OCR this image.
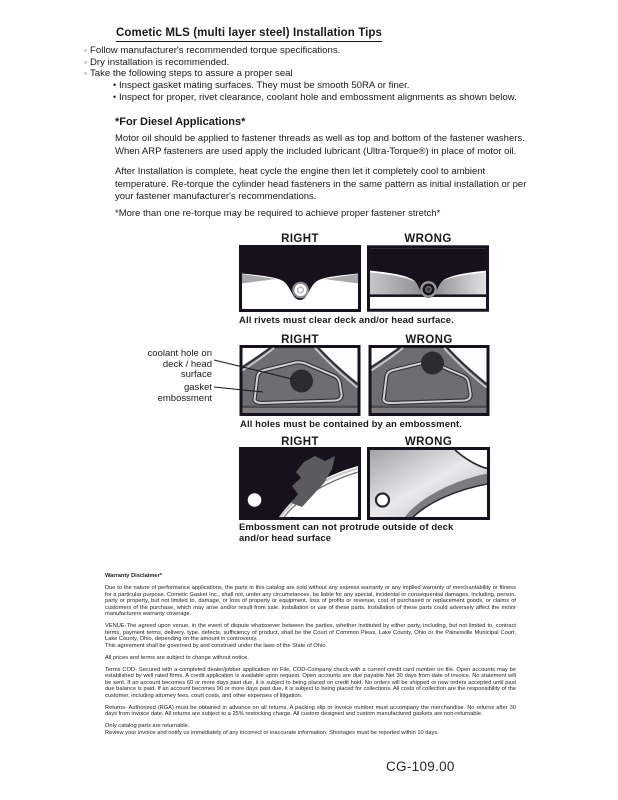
Cometic MLS (multi layer steel) Installation Tips
◦ Follow manufacturer's recommended torque specifications.
◦ Dry installation is recommended.
◦ Take the following steps to assure a proper seal
• Inspect gasket mating surfaces. They must be smooth 50RA or finer.
• Inspect for proper, rivet clearance, coolant hole and embossment alignments as shown below.
*For Diesel Applications*
Motor oil should be applied to fastener threads as well as top and bottom of the fastener washers. When ARP fasteners are used apply the included lubricant (Ultra-Torque®) in place of motor oil.
After Installation is complete, heat cycle the engine then let it completely cool to ambient temperature. Re-torque the cylinder head fasteners in the same pattern as initial installation or per your fastener manufacturer's recommendations.
*More than one re-torque may be required to achieve proper fastener stretch*
RIGHT	WRONG
All rivets must clear deck and/or head surface.
RIGHT	WRONG
coolant hole on deck / head surface
gasket embossment
All holes must be contained by an embossment.
RIGHT	WRONG
Embossment can not protrude outside of deck and/or head surface
Warranty Disclaimer*
Due to the nature of performance applications, the parts in this catalog are sold without any express warranty or any implied warranty of merchantability or fitness for a particular purpose. Cometic Gasket Inc., shall not, under any circumstances, be liable for any special, incidental or consequential damages, including, person, party or property, but not limited to, damage, or loss of property or equipment, loss of profits or revenue, cost of purchased or replacement goods, or claims of customers of the purchase, which may arise and/or result from sale, installation or use of these parts. Installation of these parts could adversely affect the motor manufacturers warranty coverage.
VENUE-The agreed upon venue, in the event of dispute whatsoever between the parties, whether instituted by either party, including, but not limited to, contract terms, payment terms, delivery, type, defects, sufficiency of product, shall be the Court of Common Pleas, Lake County, Ohio or the Painesville Municipal Court, Lake County, Ohio, depending on the amount in controversy.
This agreement shall be governed by and construed under the laws of the State of Ohio.
All prices and terms are subject to change without notice.
Terms COD- Secured with a completed dealer/jobber application on File, COD-Company check with a current credit card number on file. Open accounts may be established by well rated firms. A credit application is available upon request. Open accounts are due payable Net 30 days from date of invoice. No statement will be sent. If an account becomes 60 or more days past due, it is subject to being placed on credit hold. No orders will be shipped or new orders accepted until past due balance is paid. If an account becomes 90 or more days past due, it is subject to being placed for collections. All costs of collection are the responsibility of the customer, including attorney fees, court costs, and other expenses of litigation.
Returns- Authorized (RGA) must be obtained in advance on all returns. A packing slip or invoice number must accompany the merchandise. No returns after 30 days from invoice date. All returns are subject to a 25% restocking charge. All custom designed and custom manufactured gaskets are non-returnable.
Only catalog parts are returnable.
Review your invoice and notify us immediately of any incorrect or inaccurate information. Shortages must be reported within 10 days.
CG-109.00
